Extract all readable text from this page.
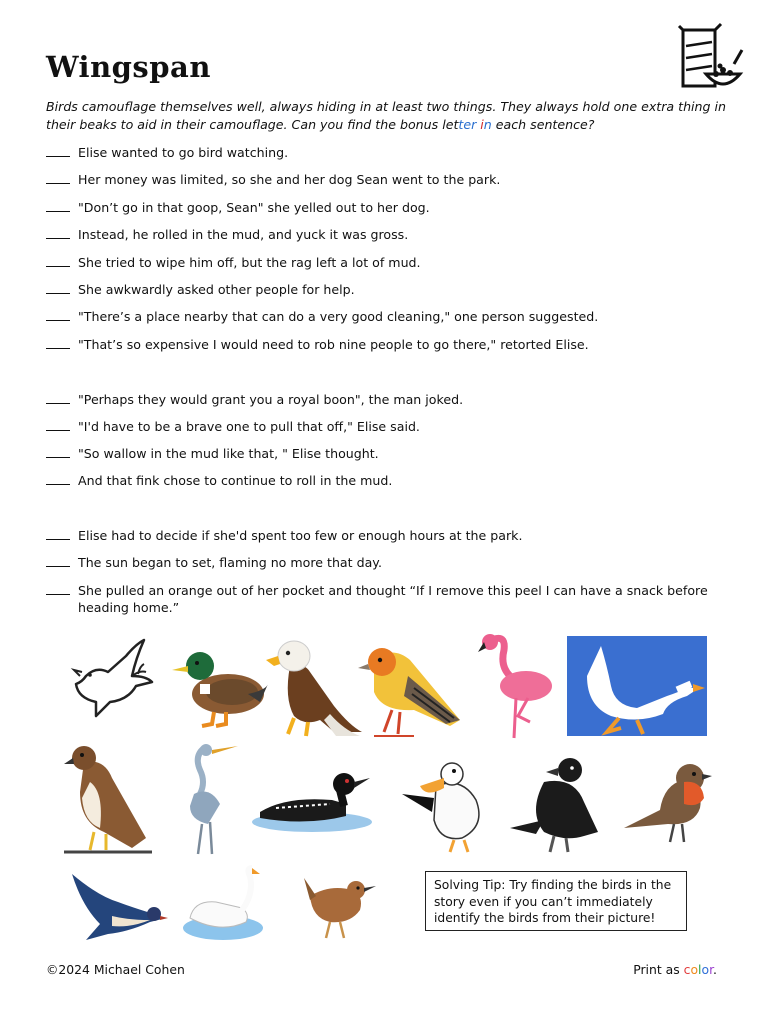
Wingspan

Birds camouflage themselves well, always hiding in at least two things. They always hold one extra thing in their beaks to aid in their camouflage. Can you find the bonus letter in each sentence?

Elise wanted to go bird watching.
Her money was limited, so she and her dog Sean went to the park.
"Don’t go in that goop, Sean" she yelled out to her dog.
Instead, he rolled in the mud, and yuck it was gross.
She tried to wipe him off, but the rag left a lot of mud.
She awkwardly asked other people for help.
"There’s a place nearby that can do a very good cleaning," one person suggested.
"That’s so expensive I would need to rob nine people to go there," retorted Elise.
"Perhaps they would grant you a royal boon", the man joked.
"I'd have to be a brave one to pull that off," Elise said.
"So wallow in the mud like that, " Elise thought.
And that fink chose to continue to roll in the mud.
Elise had to decide if she'd spent too few or enough hours at the park.
The sun began to set, flaming no more that day.
She pulled an orange out of her pocket and thought “If I remove this peel I can have a snack before heading home.”
Solving Tip: Try finding the birds in the story even if you can’t immediately identify the birds from their picture!
©2024 Michael Cohen	Print as color.
